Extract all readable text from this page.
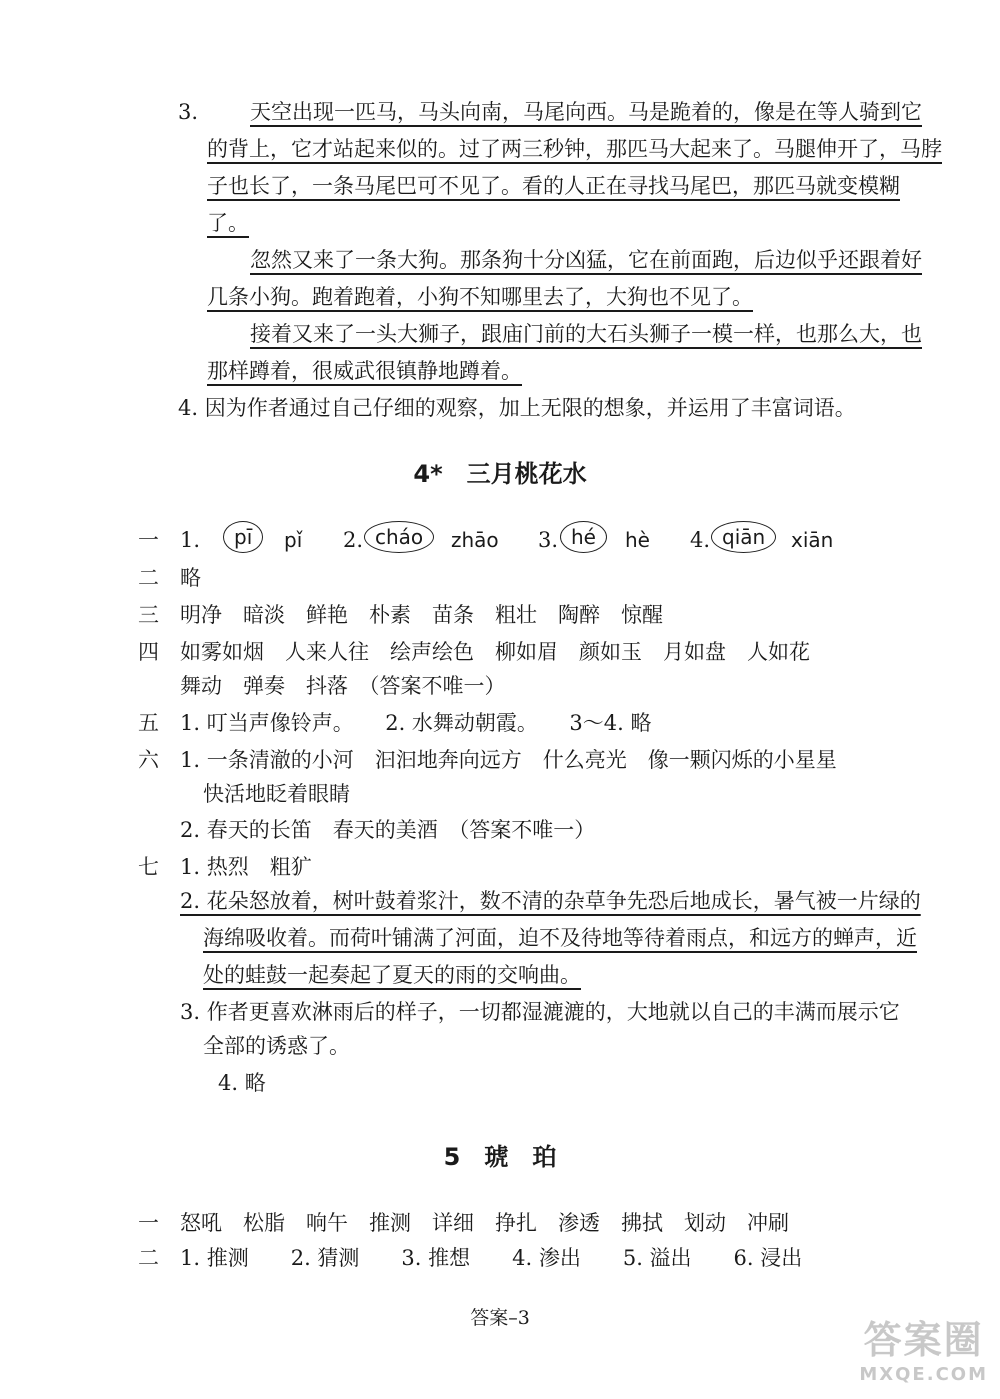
3. 天空出现一匹马，马头向南，马尾向西。马是跪着的，像是在等人骑到它
的背上，它才站起来似的。过了两三秒钟，那匹马大起来了。马腿伸开了，马脖
子也长了，一条马尾巴可不见了。看的人正在寻找马尾巴，那匹马就变模糊
了。
忽然又来了一条大狗。那条狗十分凶猛，它在前面跑，后边似乎还跟着好
几条小狗。跑着跑着，小狗不知哪里去了，大狗也不见了。
接着又来了一头大狮子，跟庙门前的大石头狮子一模一样，也那么大，也
那样蹲着，很威武很镇静地蹲着。
4. 因为作者通过自己仔细的观察，加上无限的想象，并运用了丰富词语。
4*　三月桃花水
一 1.	pī	pǐ 2. cháo	zhāo 3. hé	hè 4. qiān	xiān
二 略
三 明净　暗淡　鲜艳　朴素　苗条　粗壮　陶醉　惊醒
四 如雾如烟　人来人往　绘声绘色　柳如眉　颜如玉　月如盘　人如花
舞动　弹奏　抖落　（答案不唯一）
五 1. 叮当声像铃声。　　2. 水舞动朝霞。　　3～4. 略
六 1. 一条清澈的小河　汩汩地奔向远方　什么亮光　像一颗闪烁的小星星
快活地眨着眼睛
2. 春天的长笛　春天的美酒　（答案不唯一）
七 1. 热烈　粗犷
2. 花朵怒放着，树叶鼓着浆汁，数不清的杂草争先恐后地成长，暑气被一片绿的
海绵吸收着。而荷叶铺满了河面，迫不及待地等待着雨点，和远方的蝉声，近
处的蛙鼓一起奏起了夏天的雨的交响曲。
3. 作者更喜欢淋雨后的样子，一切都湿漉漉的，大地就以自己的丰满而展示它
全部的诱惑了。
4. 略
5　琥　珀
一 怒吼　松脂　响午　推测　详细　挣扎　渗透　拂拭　划动　冲刷
二 1. 推测　　2. 猜测　　3. 推想　　4. 渗出　　5. 溢出　　6. 浸出
答案–3	答案圈
MXQE.COM
